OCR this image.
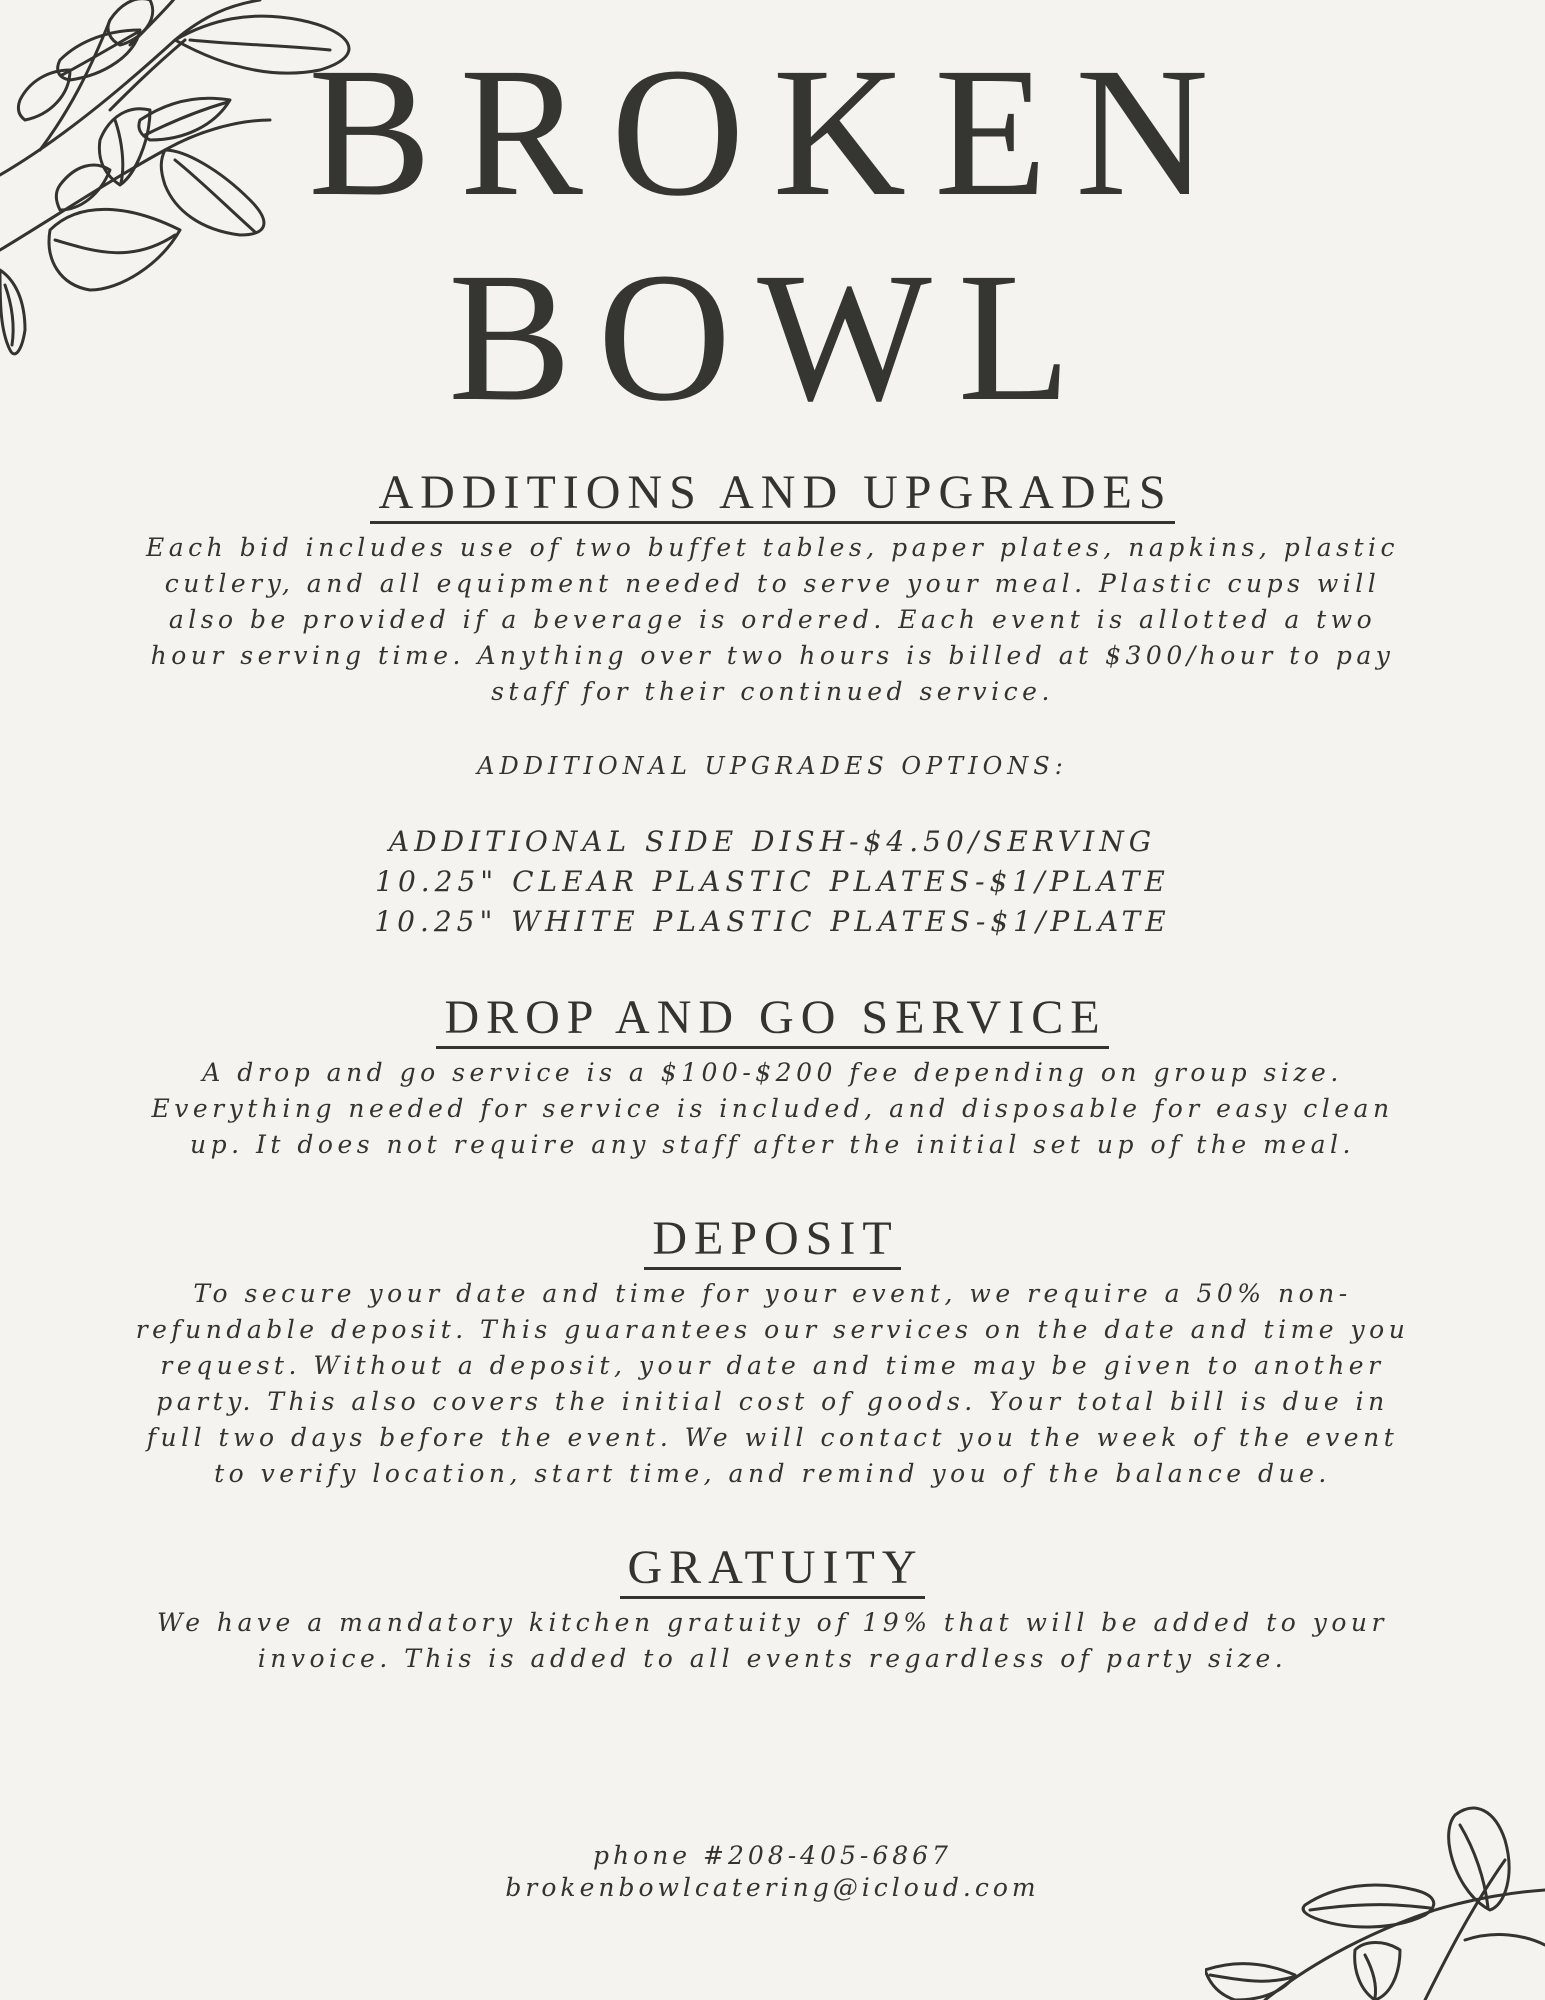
BROKEN
BOWL
ADDITIONS AND UPGRADES

Each bid includes use of two buffet tables, paper plates, napkins, plastic cutlery, and all equipment needed to serve your meal. Plastic cups will also be provided if a beverage is ordered. Each event is allotted a two hour serving time. Anything over two hours is billed at $300/hour to pay staff for their continued service.

ADDITIONAL UPGRADES OPTIONS:

ADDITIONAL SIDE DISH-$4.50/SERVING
10.25" CLEAR PLASTIC PLATES-$1/PLATE
10.25" WHITE PLASTIC PLATES-$1/PLATE
DROP AND GO SERVICE

A drop and go service is a $100-$200 fee depending on group size. Everything needed for service is included, and disposable for easy clean up. It does not require any staff after the initial set up of the meal.

DEPOSIT

To secure your date and time for your event, we require a 50% non-refundable deposit. This guarantees our services on the date and time you request. Without a deposit, your date and time may be given to another party. This also covers the initial cost of goods. Your total bill is due in full two days before the event. We will contact you the week of the event to verify location, start time, and remind you of the balance due.

GRATUITY

We have a mandatory kitchen gratuity of 19% that will be added to your invoice. This is added to all events regardless of party size.

phone #208-405-6867
brokenbowlcatering@icloud.com
